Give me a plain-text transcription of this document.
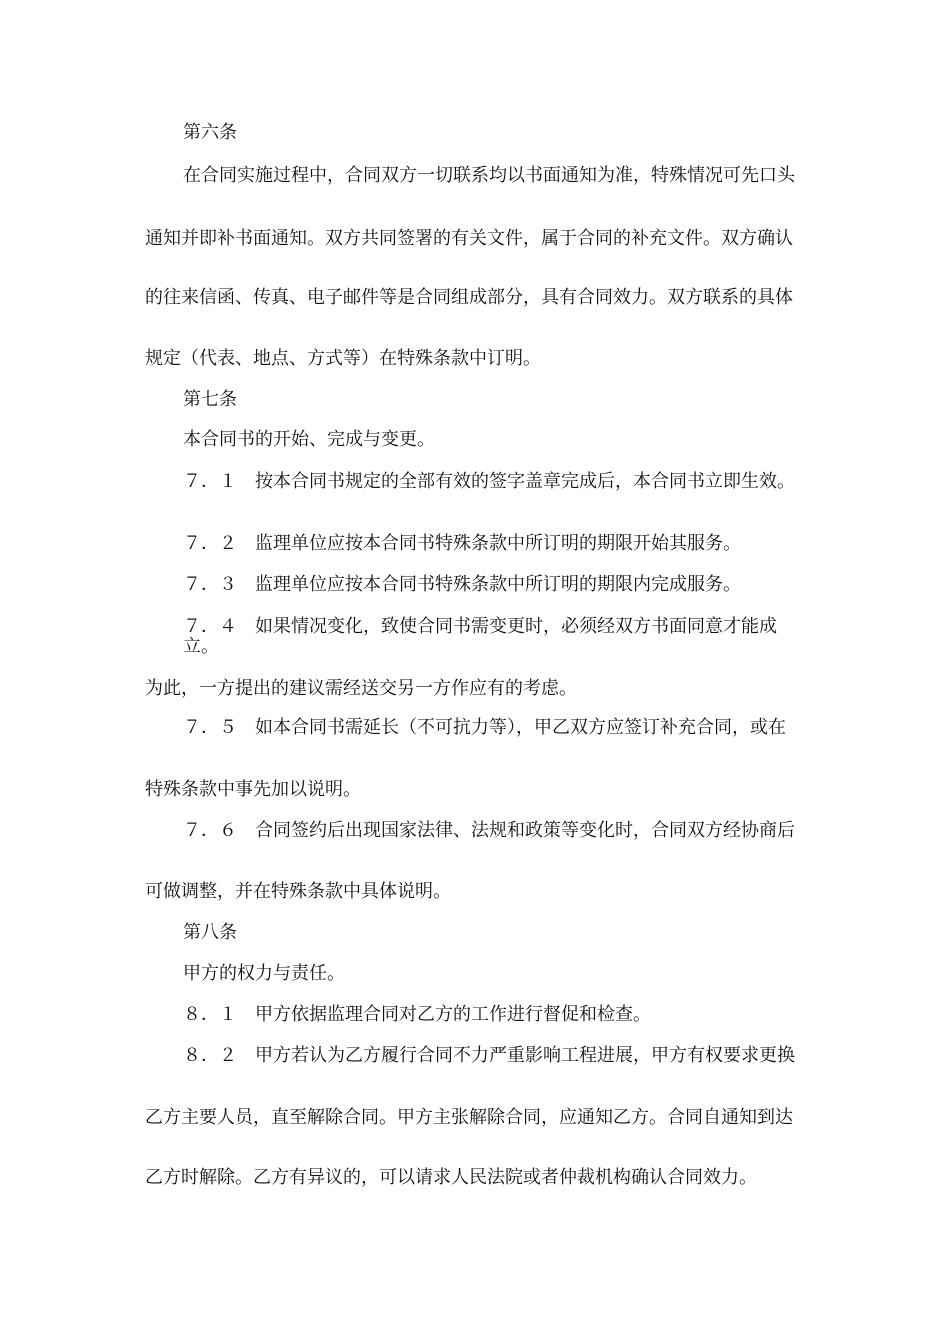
第六条
在合同实施过程中，合同双方一切联系均以书面通知为准，特殊情况可先口头
通知并即补书面通知。双方共同签署的有关文件，属于合同的补充文件。双方确认
的往来信函、传真、电子邮件等是合同组成部分，具有合同效力。双方联系的具体
规定（代表、地点、方式等）在特殊条款中订明。
第七条
本合同书的开始、完成与变更。
７．１　按本合同书规定的全部有效的签字盖章完成后，本合同书立即生效。
７．２　监理单位应按本合同书特殊条款中所订明的期限开始其服务。
７．３　监理单位应按本合同书特殊条款中所订明的期限内完成服务。
７．４　如果情况变化，致使合同书需变更时，必须经双方书面同意才能成立。
为此，一方提出的建议需经送交另一方作应有的考虑。
７．５　如本合同书需延长（不可抗力等），甲乙双方应签订补充合同，或在
特殊条款中事先加以说明。
７．６　合同签约后出现国家法律、法规和政策等变化时，合同双方经协商后
可做调整，并在特殊条款中具体说明。
第八条
甲方的权力与责任。
８．１　甲方依据监理合同对乙方的工作进行督促和检查。
８．２　甲方若认为乙方履行合同不力严重影响工程进展，甲方有权要求更换
乙方主要人员，直至解除合同。甲方主张解除合同，应通知乙方。合同自通知到达
乙方时解除。乙方有异议的，可以请求人民法院或者仲裁机构确认合同效力。
